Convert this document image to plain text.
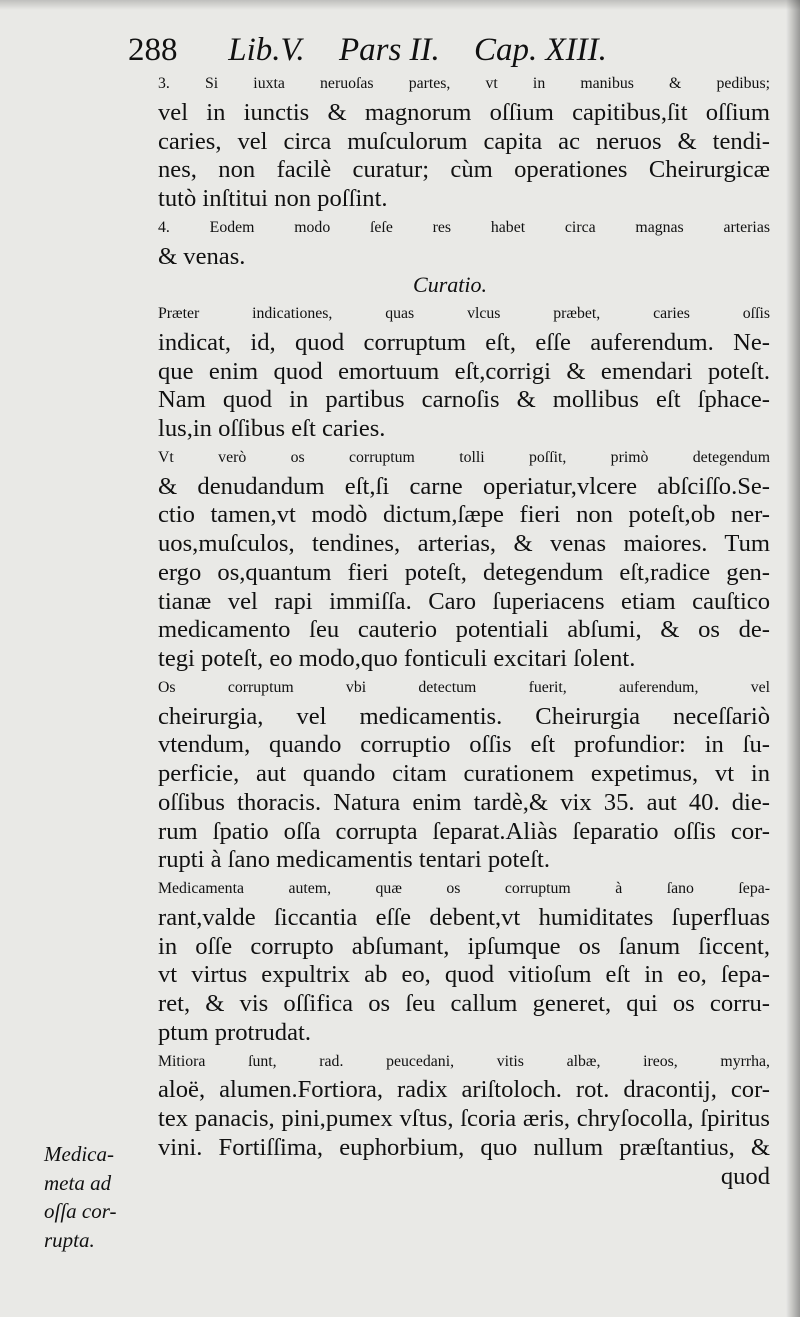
288 Lib.V. Pars II. Cap. XIII.

3. Si iuxta neruoſas partes, vt in manibus & pedibus;
vel in iunctis & magnorum oſſium capitibus,ſit oſſium
caries, vel circa muſculorum capita ac neruos & tendi-
nes, non facilè curatur; cùm operationes Cheirurgicæ
tutò inſtitui non poſſint.

4. Eodem modo ſeſe res habet circa magnas arterias
& venas.

Curatio.

Præter indicationes, quas vlcus præbet, caries oſſis
indicat, id, quod corruptum eſt, eſſe auferendum. Ne-
que enim quod emortuum eſt,corrigi & emendari poteſt.
Nam quod in partibus carnoſis & mollibus eſt ſphace-
lus,in oſſibus eſt caries.

Vt verò os corruptum tolli poſſit, primò detegendum
& denudandum eſt,ſi carne operiatur,vlcere abſciſſo.Se-
ctio tamen,vt modò dictum,ſæpe fieri non poteſt,ob ner-
uos,muſculos, tendines, arterias, & venas maiores. Tum
ergo os,quantum fieri poteſt, detegendum eſt,radice gen-
tianæ vel rapi immiſſa. Caro ſuperiacens etiam cauſtico
medicamento ſeu cauterio potentiali abſumi, & os de-
tegi poteſt, eo modo,quo fonticuli excitari ſolent.

Os corruptum vbi detectum fuerit, auferendum, vel
cheirurgia, vel medicamentis. Cheirurgia neceſſariò
vtendum, quando corruptio oſſis eſt profundior: in ſu-
perficie, aut quando citam curationem expetimus, vt in
oſſibus thoracis. Natura enim tardè,& vix 35. aut 40. die-
rum ſpatio oſſa corrupta ſeparat.Aliàs ſeparatio oſſis cor-
rupti à ſano medicamentis tentari poteſt.

Medicamenta autem, quæ os corruptum à ſano ſepa-
rant,valde ſiccantia eſſe debent,vt humiditates ſuperfluas
in oſſe corrupto abſumant, ipſumque os ſanum ſiccent,
vt virtus expultrix ab eo, quod vitioſum eſt in eo, ſepa-
ret, & vis oſſifica os ſeu callum generet, qui os corru-
ptum protrudat.

Mitiora ſunt, rad. peucedani, vitis albæ, ireos, myrrha,
aloë, alumen.Fortiora, radix ariſtoloch. rot. dracontij, cor-
tex panacis, pini,pumex vſtus, ſcoria æris, chryſocolla, ſpiritus
vini. Fortiſſima, euphorbium, quo nullum præſtantius, &
quod

Medica-
meta ad
oſſa cor-
rupta.
